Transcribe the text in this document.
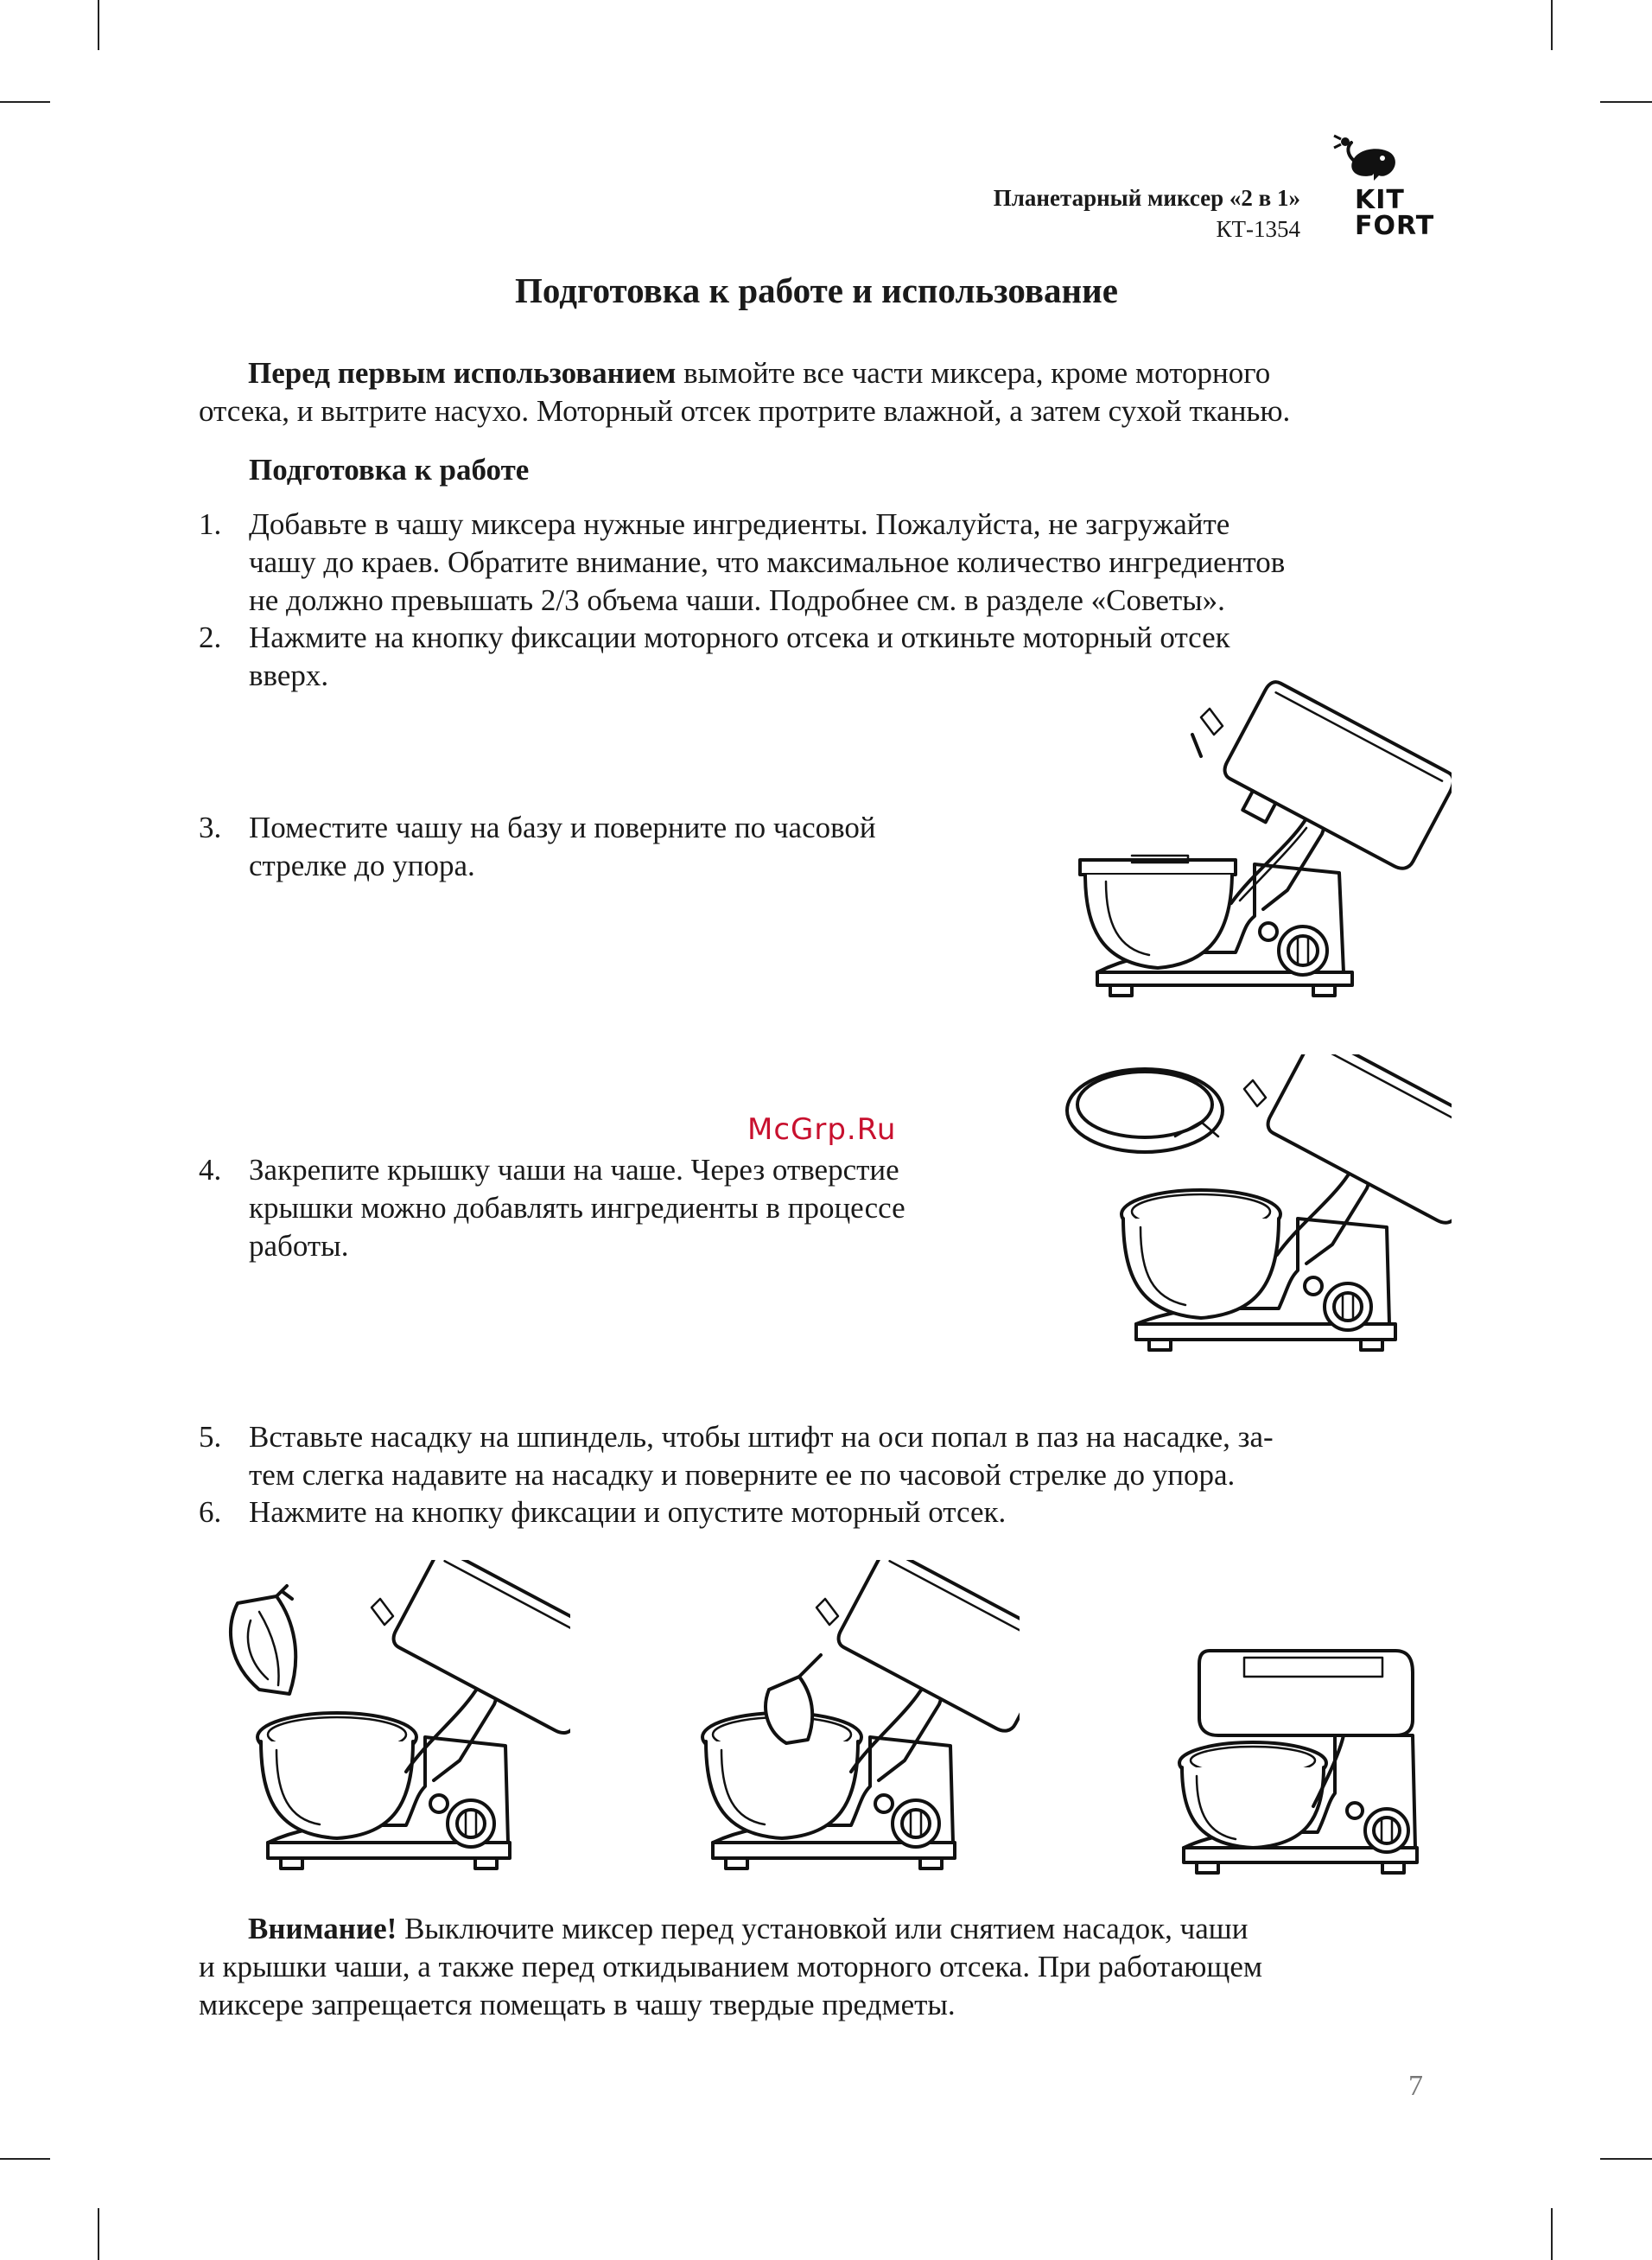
Планетарный миксер «2 в 1»
КТ-1354
KIT FORT
Подготовка к работе и использование
Перед первым использованием вымойте все части миксера, кроме моторного
отсека, и вытрите насухо. Моторный отсек протрите влажной, а затем сухой тканью.
Подготовка к работе
1. Добавьте в чашу миксера нужные ингредиенты. Пожалуйста, не загружайте
чашу до краев. Обратите внимание, что максимальное количество ингредиентов
не должно превышать 2/3 объема чаши. Подробнее см. в разделе «Советы».
2. Нажмите на кнопку фиксации моторного отсека и откиньте моторный отсек
вверх.
3. Поместите чашу на базу и поверните по часовой
стрелке до упора.
McGrp.Ru
4. Закрепите крышку чаши на чаше. Через отверстие
крышки можно добавлять ингредиенты в процессе
работы.
5. Вставьте насадку на шпиндель, чтобы штифт на оси попал в паз на насадке, за-
тем слегка надавите на насадку и поверните ее по часовой стрелке до упора.
6. Нажмите на кнопку фиксации и опустите моторный отсек.
Внимание! Выключите миксер перед установкой или снятием насадок, чаши
и крышки чаши, а также перед откидыванием моторного отсека. При работающем
миксере запрещается помещать в чашу твердые предметы.
7
